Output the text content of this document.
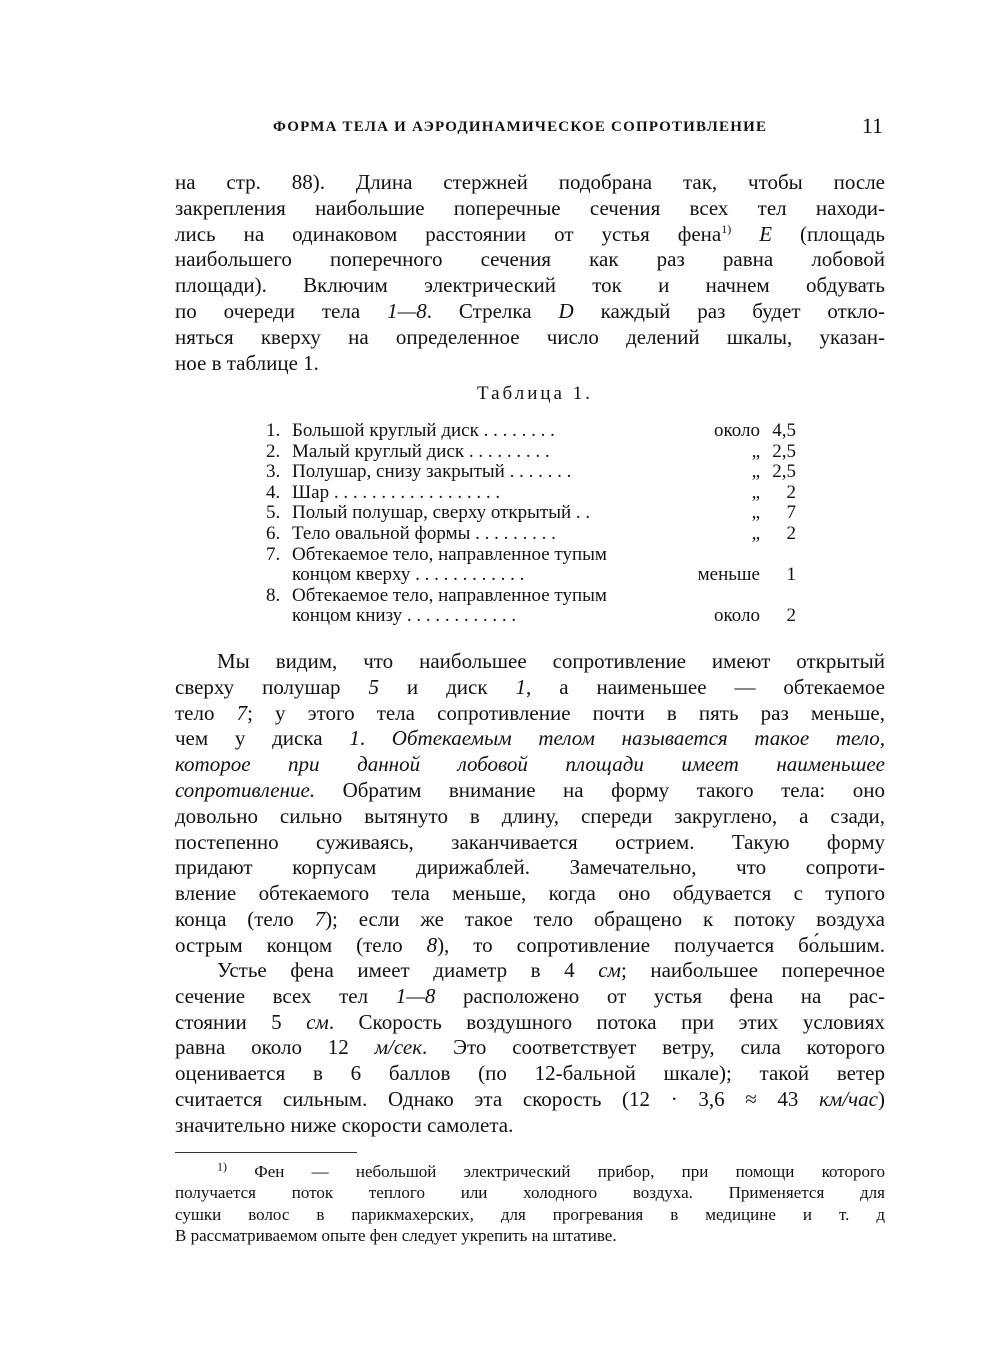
ФОРМА ТЕЛА И АЭРОДИНАМИЧЕСКОЕ СОПРОТИВЛЕНИЕ	11
на стр. 88). Длина стержней подобрана так, чтобы после
закрепления наибольшие поперечные сечения всех тел находи-
лись на одинаковом расстоянии от устья фена$^{1)}$ E (площадь
наибольшего поперечного сечения как раз равна лобовой
площади). Включим электрический ток и начнем обдувать
по очереди тела 1—8. Стрелка D каждый раз будет откло-
няться кверху на определенное число делений шкалы, указан-
ное в таблице 1.
Таблица 1.
1. Большой круглый диск . . . . . . . .	около 4,5
2. Малый круглый диск . . . . . . . . .	„ 2,5
3. Полушар, снизу закрытый . . . . . . .	„ 2,5
4. Шар . . . . . . . . . . . . . . . . . .	„	2
5. Полый полушар, сверху открытый . .	„	7
6. Тело овальной формы . . . . . . . . .	„	2
7. Обтекаемое тело, направленное тупым
концом кверху . . . . . . . . . . . .	меньше	1
8. Обтекаемое тело, направленное тупым
концом книзу . . . . . . . . . . . .	около	2
Мы видим, что наибольшее сопротивление имеют открытый
сверху полушар 5 и диск 1, а наименьшее — обтекаемое
тело 7; у этого тела сопротивление почти в пять раз меньше,
чем у диска 1. Обтекаемым телом называется такое тело,
которое при данной лобовой площади имеет наименьшее
сопротивление. Обратим внимание на форму такого тела: оно
довольно сильно вытянуто в длину, спереди закруглено, а сзади,
постепенно суживаясь, заканчивается острием. Такую форму
придают корпусам дирижаблей. Замечательно, что сопроти-
вление обтекаемого тела меньше, когда оно обдувается с тупого
конца (тело 7); если же такое тело обращено к потоку воздуха
острым концом (тело 8), то сопротивление получается бо́льшим.
Устье фена имеет диаметр в 4 см; наибольшее поперечное
сечение всех тел 1—8 расположено от устья фена на рас-
стоянии 5 см. Скорость воздушного потока при этих условиях
равна около 12 м/сек. Это соответствует ветру, сила которого
оценивается в 6 баллов (по 12-бальной шкале); такой ветер
считается сильным. Однако эта скорость (12 · 3,6 ≈ 43 км/час)
значительно ниже скорости самолета.
$^{1)}$ Фен — небольшой электрический прибор, при помощи которого
получается поток теплого или холодного воздуха. Применяется для
сушки волос в парикмахерских, для прогревания в медицине и т. д
В рассматриваемом опыте фен следует укрепить на штативе.
